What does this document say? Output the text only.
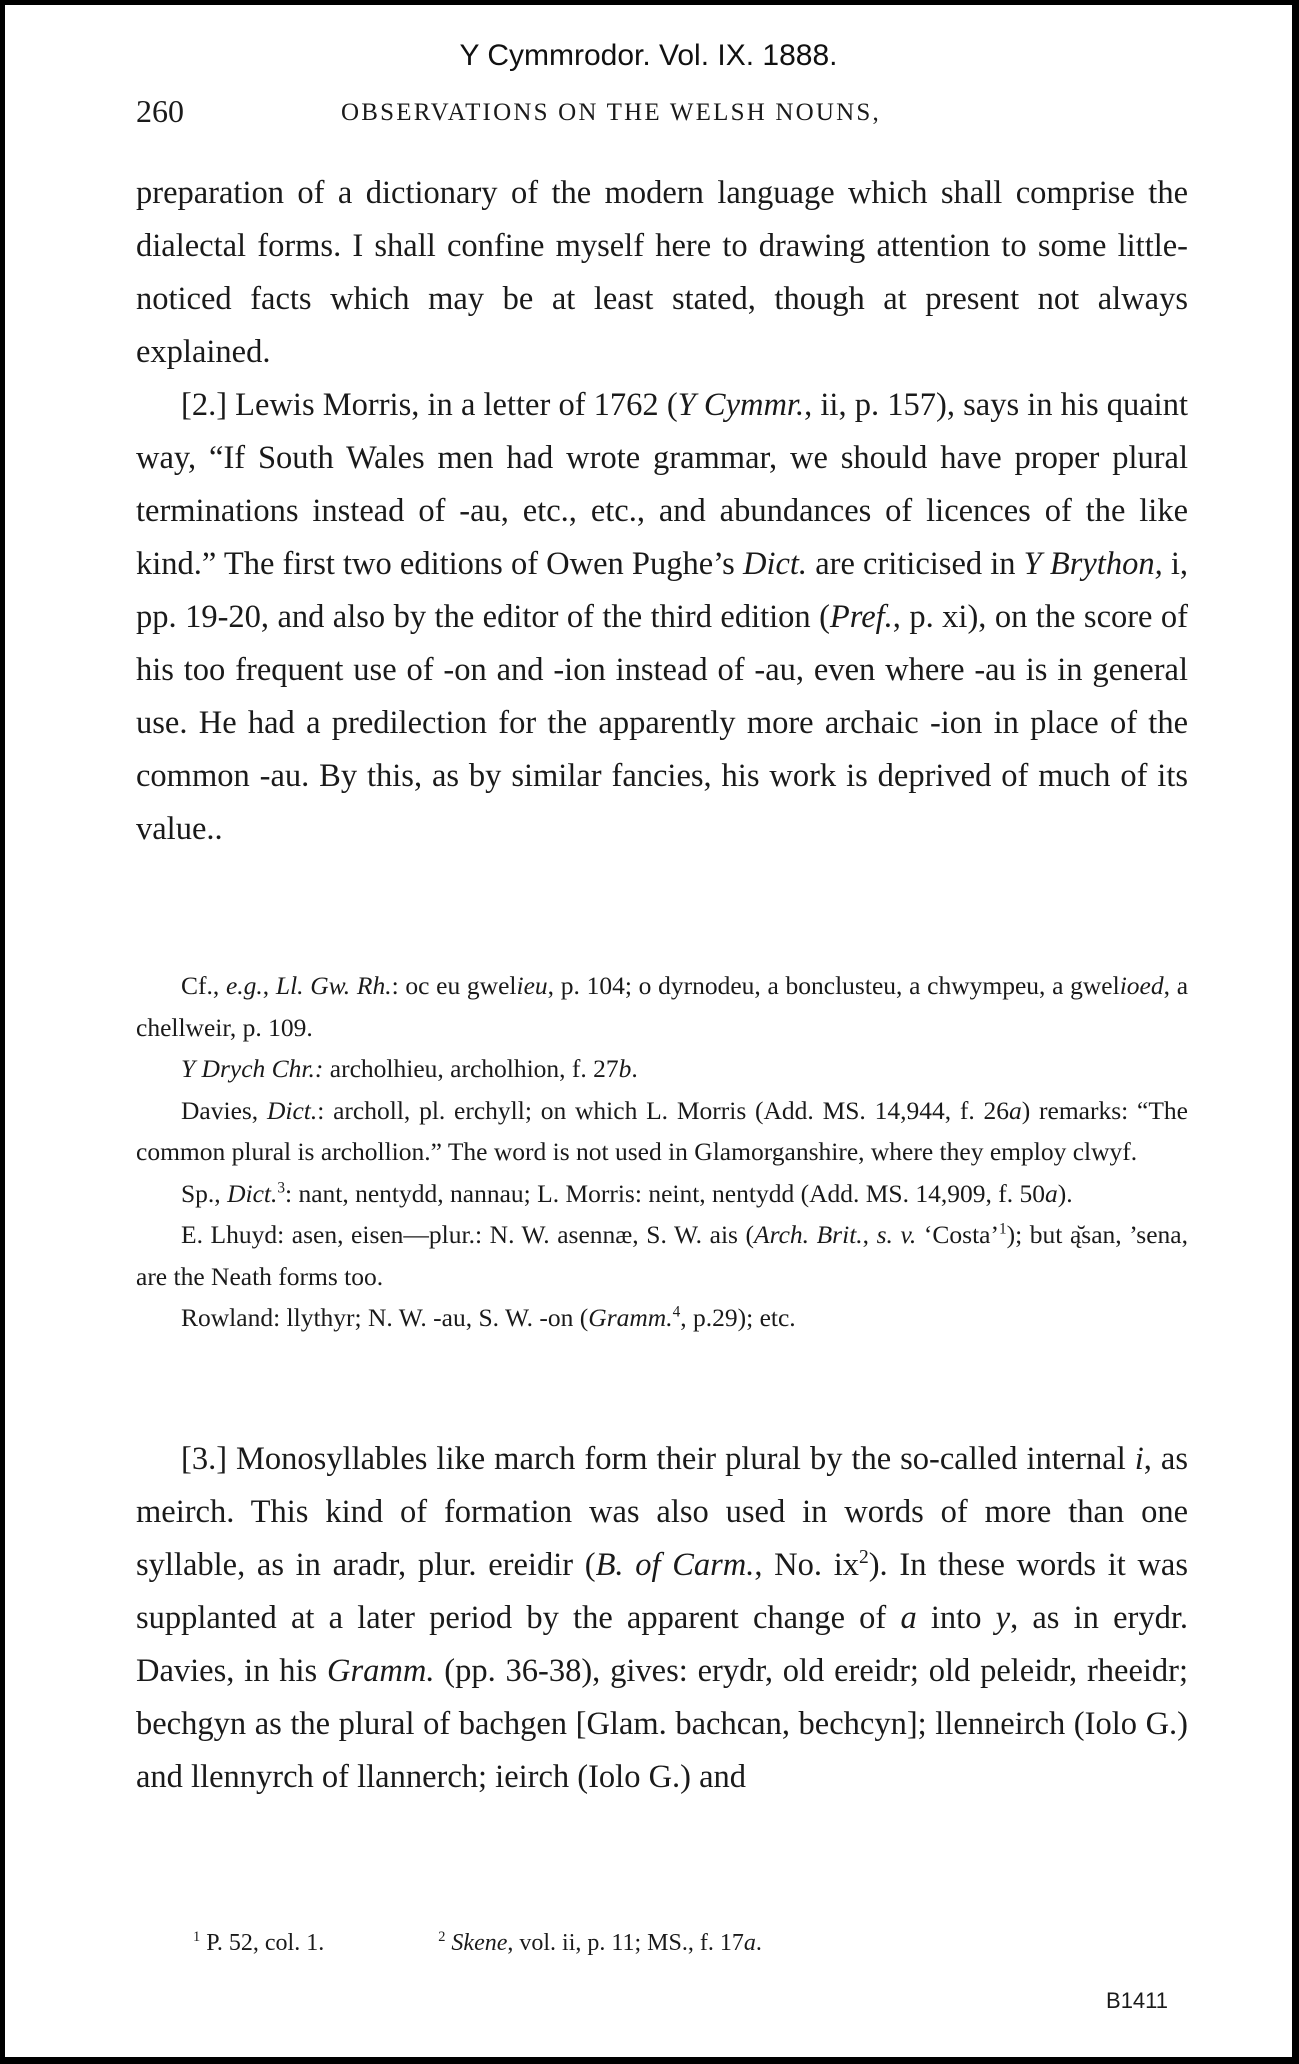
Y Cymmrodor. Vol. IX. 1888.
260	OBSERVATIONS ON THE WELSH NOUNS,

preparation of a dictionary of the modern language which shall comprise the dialectal forms. I shall confine myself here to drawing attention to some little-noticed facts which may be at least stated, though at present not always explained.

[2.] Lewis Morris, in a letter of 1762 (Y Cymmr., ii, p. 157), says in his quaint way, “If South Wales men had wrote grammar, we should have proper plural terminations instead of -au, etc., etc., and abundances of licences of the like kind.” The first two editions of Owen Pughe’s Dict. are criticised in Y Brython, i, pp. 19-20, and also by the editor of the third edition (Pref., p. xi), on the score of his too frequent use of -on and -ion instead of -au, even where -au is in general use. He had a predilection for the apparently more archaic -ion in place of the common -au. By this, as by similar fancies, his work is deprived of much of its value..

Cf., e.g., Ll. Gw. Rh.: oc eu gwelieu, p. 104; o dyrnodeu, a bonclusteu, a chwympeu, a gwelioed, a chellweir, p. 109.

Y Drych Chr.: archolhieu, archolhion, f. 27b.

Davies, Dict.: archoll, pl. erchyll; on which L. Morris (Add. MS. 14,944, f. 26a) remarks: “The common plural is archollion.” The word is not used in Glamorganshire, where they employ clwyf.

Sp., Dict.$^3$: nant, nentydd, nannau; L. Morris: neint, nentydd (Add. MS. 14,909, f. 50a).

E. Lhuyd: asen, eisen—plur.: N. W. asennæ, S. W. ais (Arch. Brit., s. v. ‘Costa’$^1$); but ą̆san, ’sena, are the Neath forms too.

Rowland: llythyr; N. W. -au, S. W. -on (Gramm.$^4$, p.29); etc.

[3.] Monosyllables like march form their plural by the so-called internal i, as meirch. This kind of formation was also used in words of more than one syllable, as in aradr, plur. ereidir (B. of Carm., No. $ix^2$). In these words it was supplanted at a later period by the apparent change of a into y, as in erydr. Davies, in his Gramm. (pp. 36-38), gives: erydr, old ereidr; old peleidr, rheeidr; bechgyn as the plural of bachgen [Glam. bachcan, bechcyn]; llenneirch (Iolo G.) and llennyrch of llannerch; ieirch (Iolo G.) and

$^1$ P. 52, col. 1.	$^2$ Skene, vol. ii, p. 11; MS., f. 17a.
B1411
